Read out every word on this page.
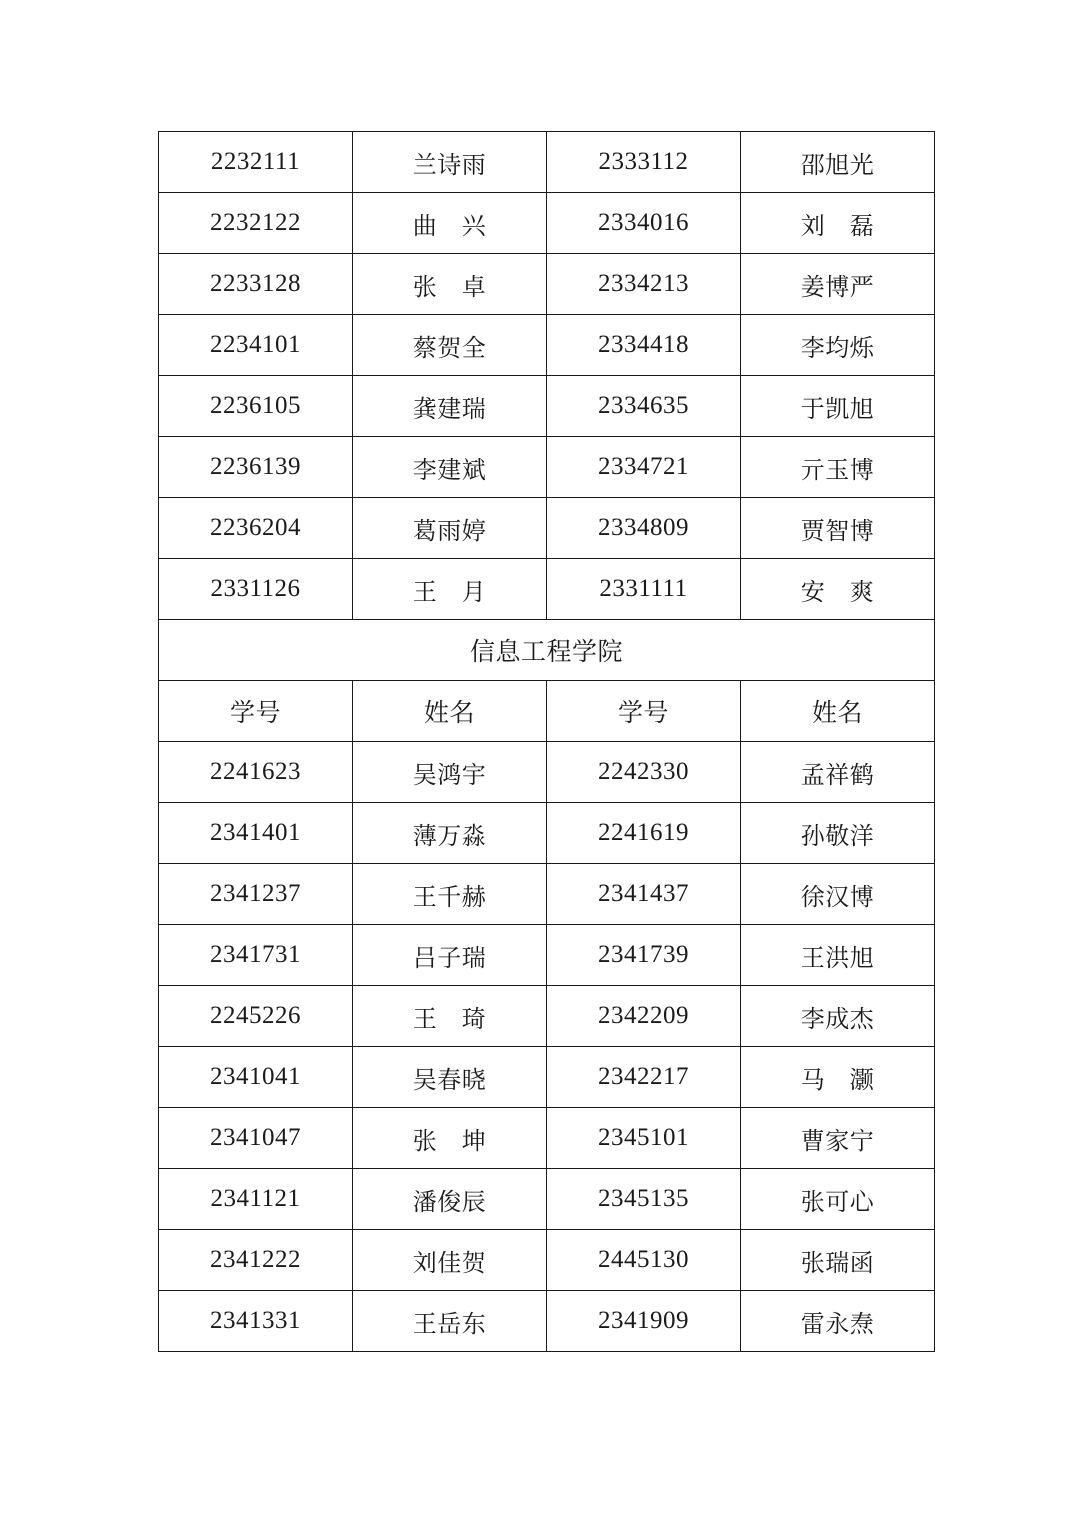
2232111	兰诗雨	2333112	邵旭光
2232122	曲　兴	2334016	刘　磊
2233128	张　卓	2334213	姜博严
2234101	蔡贺全	2334418	李均烁
2236105	龚建瑞	2334635	于凯旭
2236139	李建斌	2334721	亓玉博
2236204	葛雨婷	2334809	贾智博
2331126	王　月	2331111	安　爽
信息工程学院			
学号	姓名	学号	姓名
2241623	吴鸿宇	2242330	孟祥鹤
2341401	薄万淼	2241619	孙敬洋
2341237	王千赫	2341437	徐汉博
2341731	吕子瑞	2341739	王洪旭
2245226	王　琦	2342209	李成杰
2341041	吴春晓	2342217	马　灏
2341047	张　坤	2345101	曹家宁
2341121	潘俊辰	2345135	张可心
2341222	刘佳贺	2445130	张瑞函
2341331	王岳东	2341909	雷永焘
